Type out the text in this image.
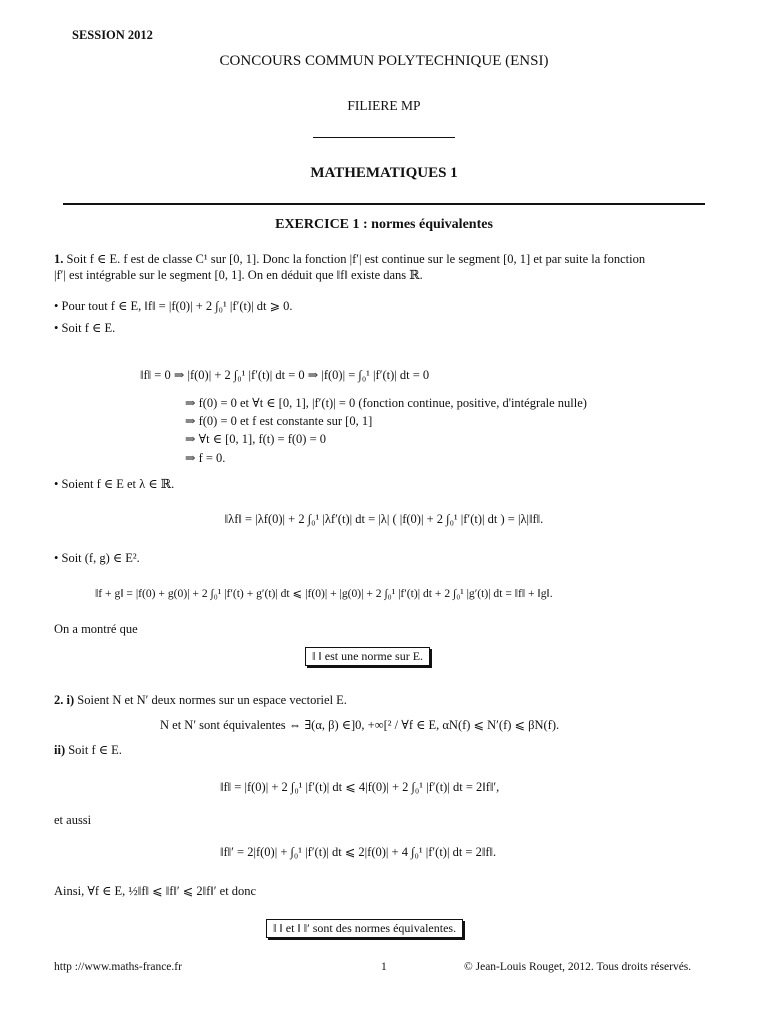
SESSION 2012
CONCOURS COMMUN POLYTECHNIQUE (ENSI)
FILIERE MP
MATHEMATIQUES 1
EXERCICE 1 : normes équivalentes
1. Soit f ∈ E. f est de classe C¹ sur [0, 1]. Donc la fonction |f′| est continue sur le segment [0, 1] et par suite la fonction
|f′| est intégrable sur le segment [0, 1]. On en déduit que ‖f‖ existe dans ℝ.
• Pour tout f ∈ E, ‖f‖ = |f(0)| + 2 ∫₀¹ |f′(t)| dt ⩾ 0.
• Soit f ∈ E.
‖f‖ = 0 ⇒ |f(0)| + 2 ∫₀¹ |f′(t)| dt = 0 ⇒ |f(0)| = ∫₀¹ |f′(t)| dt = 0
⇒ f(0) = 0 et ∀t ∈ [0, 1], |f′(t)| = 0 (fonction continue, positive, d'intégrale nulle)
⇒ f(0) = 0 et f est constante sur [0, 1]
⇒ ∀t ∈ [0, 1], f(t) = f(0) = 0
⇒ f = 0.
• Soient f ∈ E et λ ∈ ℝ.
‖λf‖ = |λf(0)| + 2 ∫₀¹ |λf′(t)| dt = |λ| ( |f(0)| + 2 ∫₀¹ |f′(t)| dt ) = |λ|‖f‖.
• Soit (f, g) ∈ E².
‖f + g‖ = |f(0) + g(0)| + 2 ∫₀¹ |f′(t) + g′(t)| dt ⩽ |f(0)| + |g(0)| + 2 ∫₀¹ |f′(t)| dt + 2 ∫₀¹ |g′(t)| dt = ‖f‖ + ‖g‖.
On a montré que
‖ ‖ est une norme sur E.
2. i) Soient N et N′ deux normes sur un espace vectoriel E.
N et N′ sont équivalentes ⇔ ∃(α, β) ∈]0, +∞[² / ∀f ∈ E, αN(f) ⩽ N′(f) ⩽ βN(f).
ii) Soit f ∈ E.
‖f‖ = |f(0)| + 2 ∫₀¹ |f′(t)| dt ⩽ 4|f(0)| + 2 ∫₀¹ |f′(t)| dt = 2‖f‖′,
et aussi
‖f‖′ = 2|f(0)| + ∫₀¹ |f′(t)| dt ⩽ 2|f(0)| + 4 ∫₀¹ |f′(t)| dt = 2‖f‖.
Ainsi, ∀f ∈ E, ½‖f‖ ⩽ ‖f‖′ ⩽ 2‖f‖′ et donc
‖ ‖ et ‖ ‖′ sont des normes équivalentes.
http ://www.maths-france.fr	1	© Jean-Louis Rouget, 2012. Tous droits réservés.
